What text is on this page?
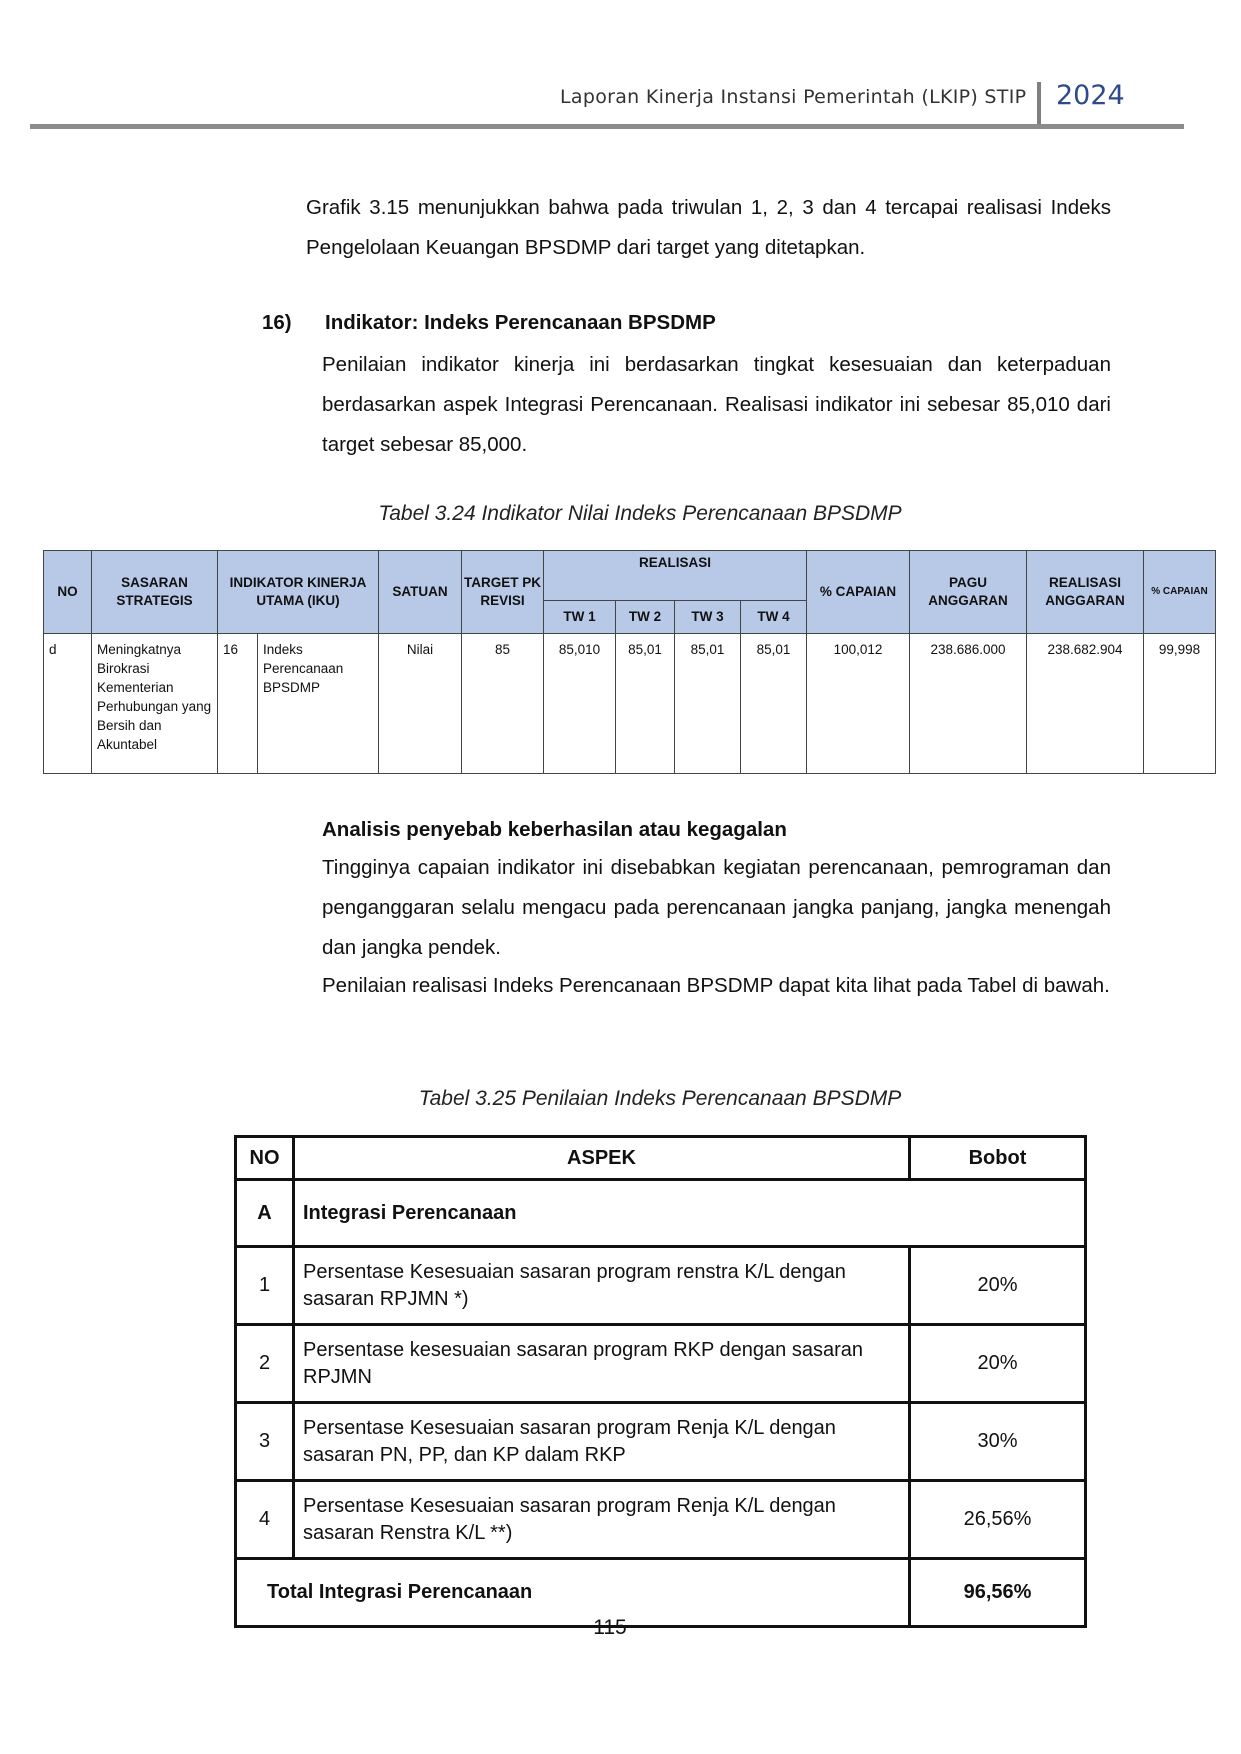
Laporan Kinerja Instansi Pemerintah (LKIP) STIP	2024
Grafik 3.15 menunjukkan bahwa pada triwulan 1, 2, 3 dan 4 tercapai realisasi Indeks Pengelolaan Keuangan BPSDMP dari target yang ditetapkan.
16) Indikator: Indeks Perencanaan BPSDMP
Penilaian indikator kinerja ini berdasarkan tingkat kesesuaian dan keterpaduan berdasarkan aspek Integrasi Perencanaan. Realisasi indikator ini sebesar 85,010 dari target sebesar 85,000.
Tabel 3.24 Indikator Nilai Indeks Perencanaan BPSDMP
NO	SASARAN STRATEGIS	INDIKATOR KINERJA UTAMA (IKU)		SATUAN	TARGET PK REVISI	REALISASI				% CAPAIAN	PAGU ANGGARAN	REALISASI ANGGARAN	% CAPAIAN
						TW 1	TW 2	TW 3	TW 4				
d	Meningkatnya Birokrasi Kementerian Perhubungan yang Bersih dan Akuntabel	16	Indeks Perencanaan BPSDMP	Nilai	85	85,010	85,01	85,01	85,01	100,012	238.686.000	238.682.904	99,998
Analisis penyebab keberhasilan atau kegagalan
Tingginya capaian indikator ini disebabkan kegiatan perencanaan, pemrograman dan penganggaran selalu mengacu pada perencanaan jangka panjang, jangka menengah dan jangka pendek.
Penilaian realisasi Indeks Perencanaan BPSDMP dapat kita lihat pada Tabel di bawah.
Tabel 3.25 Penilaian Indeks Perencanaan BPSDMP
NO	ASPEK	Bobot
A	Integrasi Perencanaan	
1	Persentase Kesesuaian sasaran program renstra K/L dengan sasaran RPJMN *)	20%
2	Persentase kesesuaian sasaran program RKP dengan sasaran RPJMN	20%
3	Persentase Kesesuaian sasaran program Renja K/L dengan sasaran PN, PP, dan KP dalam RKP	30%
4	Persentase Kesesuaian sasaran program Renja K/L dengan sasaran Renstra K/L **)	26,56%
Total Integrasi Perencanaan		96,56%
115
